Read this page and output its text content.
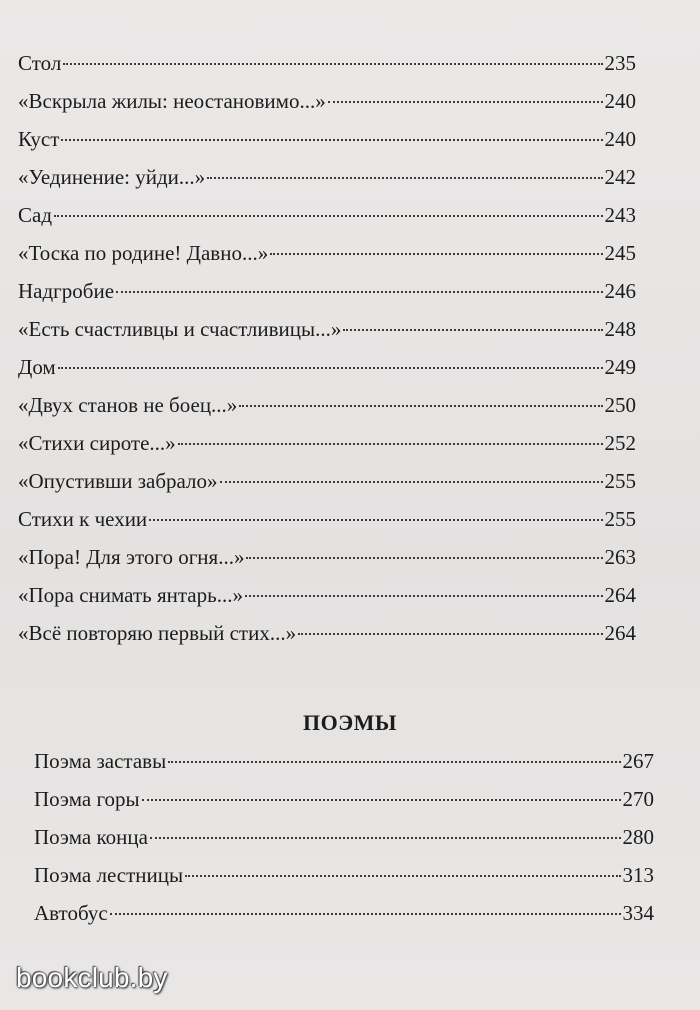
Стол	235
«Вскрыла жилы: неостановимо...»	240
Куст	240
«Уединение: уйди...»	242
Сад	243
«Тоска по родине! Давно...»	245
Надгробие	246
«Есть счастливцы и счастливицы...»	248
Дом	249
«Двух станов не боец...»	250
«Стихи сироте...»	252
«Опустивши забрало»	255
Стихи к чехии	255
«Пора! Для этого огня...»	263
«Пора снимать янтарь...»	264
«Всё повторяю первый стих...»	264
ПОЭМЫ
Поэма заставы	267
Поэма горы	270
Поэма конца	280
Поэма лестницы	313
Автобус	334
bookclub.by
